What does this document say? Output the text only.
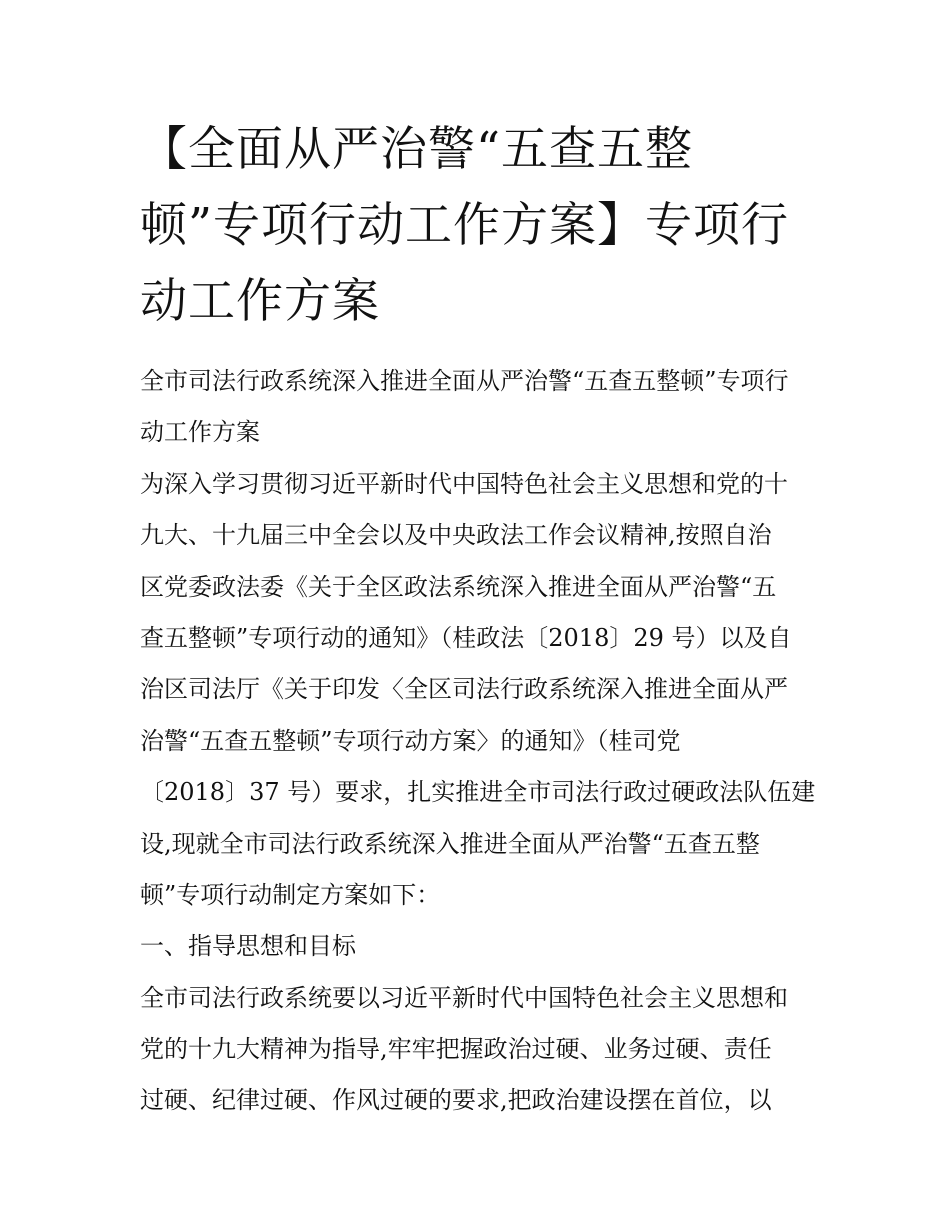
【全面从严治警“五查五整
顿”专项行动工作方案】专项行
动工作方案
全市司法行政系统深入推进全面从严治警“五查五整顿”专项行
动工作方案
为深入学习贯彻习近平新时代中国特色社会主义思想和党的十
九大、十九届三中全会以及中央政法工作会议精神,按照自治
区党委政法委《关于全区政法系统深入推进全面从严治警“五
查五整顿”专项行动的通知》（桂政法〔2018〕29 号）以及自
治区司法厅《关于印发〈全区司法行政系统深入推进全面从严
治警“五查五整顿”专项行动方案〉的通知》（桂司党
〔2018〕37 号）要求，扎实推进全市司法行政过硬政法队伍建
设,现就全市司法行政系统深入推进全面从严治警“五查五整
顿”专项行动制定方案如下：
一、指导思想和目标
全市司法行政系统要以习近平新时代中国特色社会主义思想和
党的十九大精神为指导,牢牢把握政治过硬、业务过硬、责任
过硬、纪律过硬、作风过硬的要求,把政治建设摆在首位，以
